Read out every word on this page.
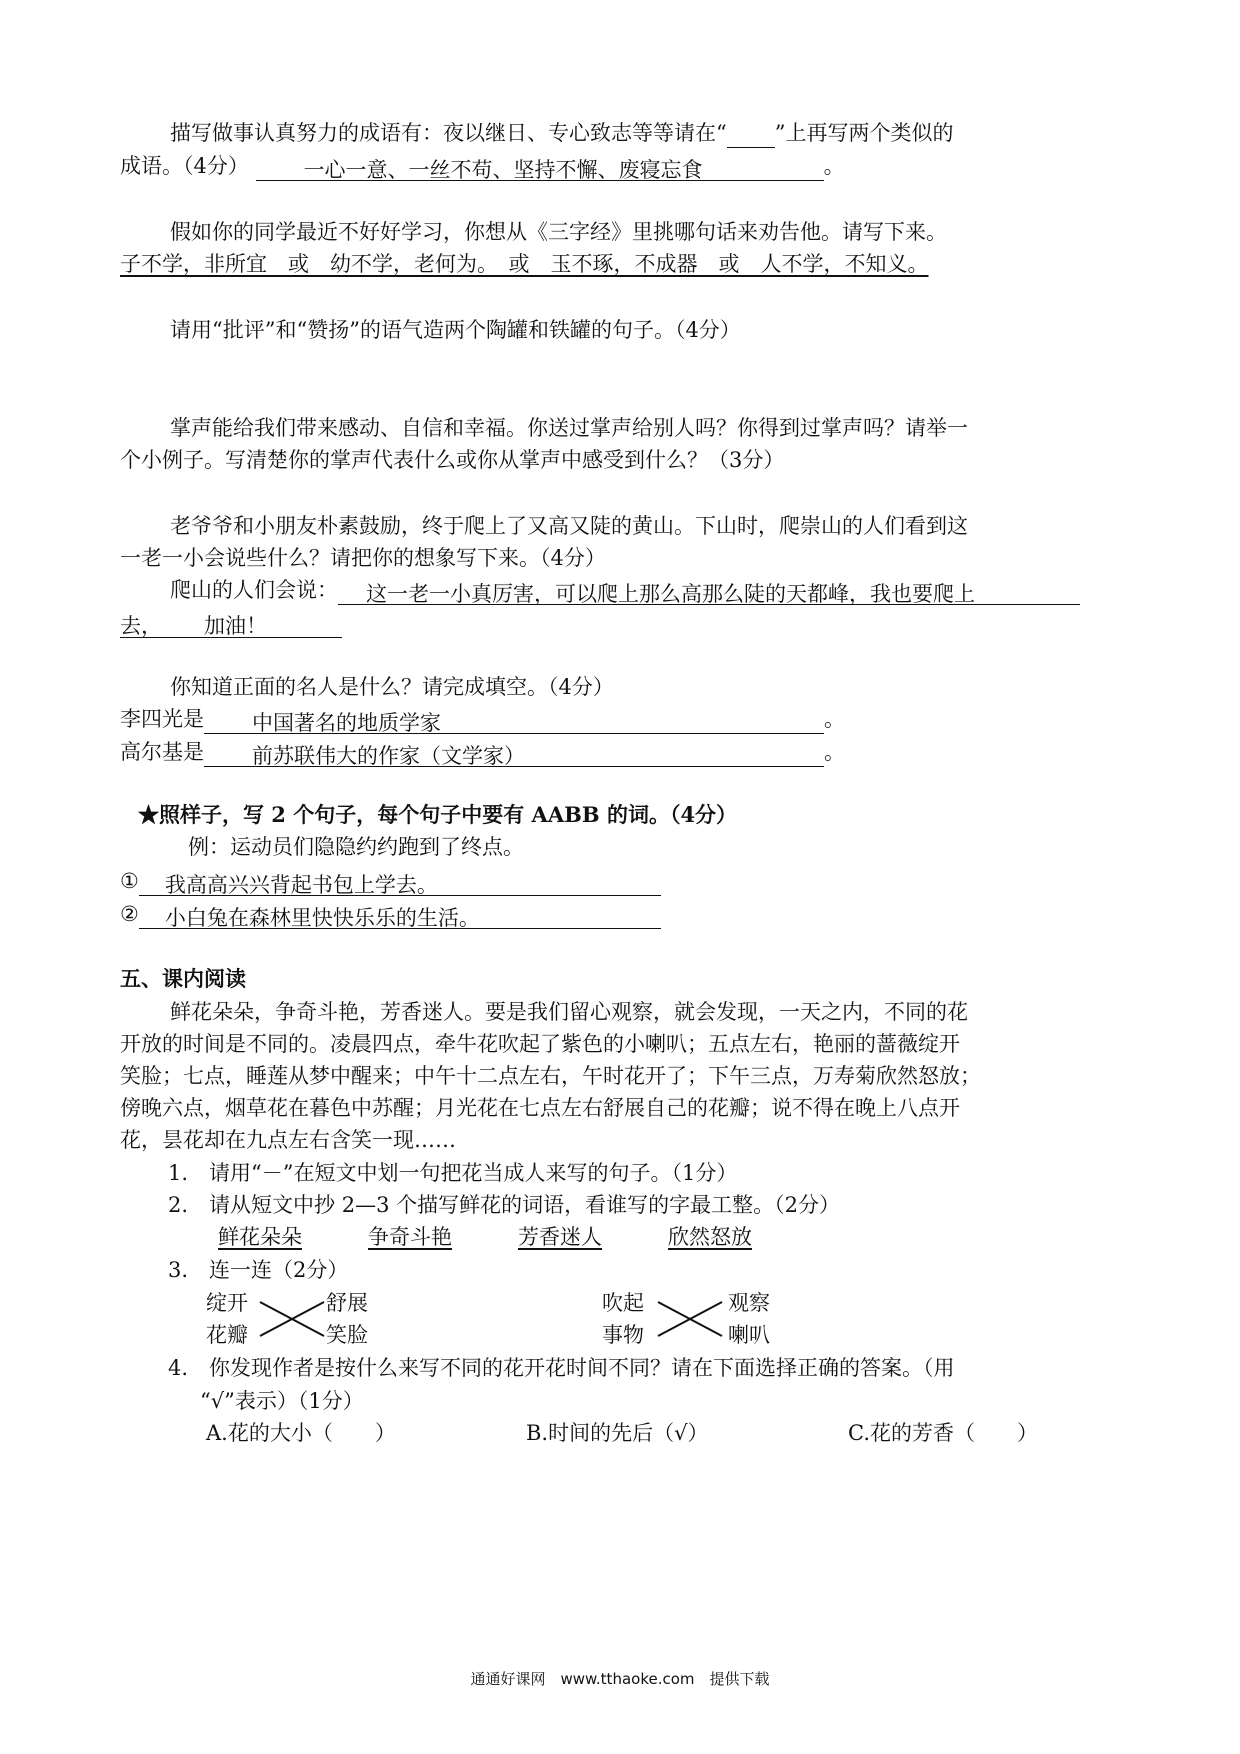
描写做事认真努力的成语有：夜以继日、专心致志等等请在“ ”上再写两个类似的
成语。（4分）	一心一意、一丝不苟、坚持不懈、废寝忘食	。
假如你的同学最近不好好学习，你想从《三字经》里挑哪句话来劝告他。请写下来。
子不学，非所宜　或　幼不学，老何为。　或　玉不琢，不成器　或　人不学，不知义。
请用“批评”和“赞扬”的语气造两个陶罐和铁罐的句子。（4分）
掌声能给我们带来感动、自信和幸福。你送过掌声给别人吗？你得到过掌声吗？请举一
个小例子。写清楚你的掌声代表什么或你从掌声中感受到什么？（3分）
老爷爷和小朋友朴素鼓励，终于爬上了又高又陡的黄山。下山时，爬崇山的人们看到这
一老一小会说些什么？请把你的想象写下来。（4分）
爬山的人们会说： 这一老一小真厉害，可以爬上那么高那么陡的天都峰，我也要爬上
去， 加油！
你知道正面的名人是什么？请完成填空。（4分）
李四光是 中国著名的地质学家	。
高尔基是 前苏联伟大的作家（文学家）	。
★照样子，写 2 个句子，每个句子中要有 AABB 的词。（4分）
例：运动员们隐隐约约跑到了终点。
① 我高高兴兴背起书包上学去。
② 小白兔在森林里快快乐乐的生活。
五、课内阅读
鲜花朵朵，争奇斗艳，芳香迷人。要是我们留心观察，就会发现，一天之内，不同的花
开放的时间是不同的。凌晨四点，牵牛花吹起了紫色的小喇叭；五点左右，艳丽的蔷薇绽开
笑脸；七点，睡莲从梦中醒来；中午十二点左右，午时花开了；下午三点，万寿菊欣然怒放；
傍晚六点，烟草花在暮色中苏醒；月光花在七点左右舒展自己的花瓣；说不得在晚上八点开
花，昙花却在九点左右含笑一现……
1.　请用“－”在短文中划一句把花当成人来写的句子。（1分）
2.　请从短文中抄 2—3 个描写鲜花的词语，看谁写的字最工整。（2分）
鲜花朵朵	争奇斗艳	芳香迷人	欣然怒放
3.　连一连（2分）
绽开
花瓣
舒展
笑脸
吹起
事物
观察
喇叭
4.　你发现作者是按什么来写不同的花开花时间不同？请在下面选择正确的答案。（用
“√”表示）（1分）
A.花的大小（　　）	B.时间的先后（√）	C.花的芳香（　　）
通通好课网　www.tthaoke.com　提供下载
